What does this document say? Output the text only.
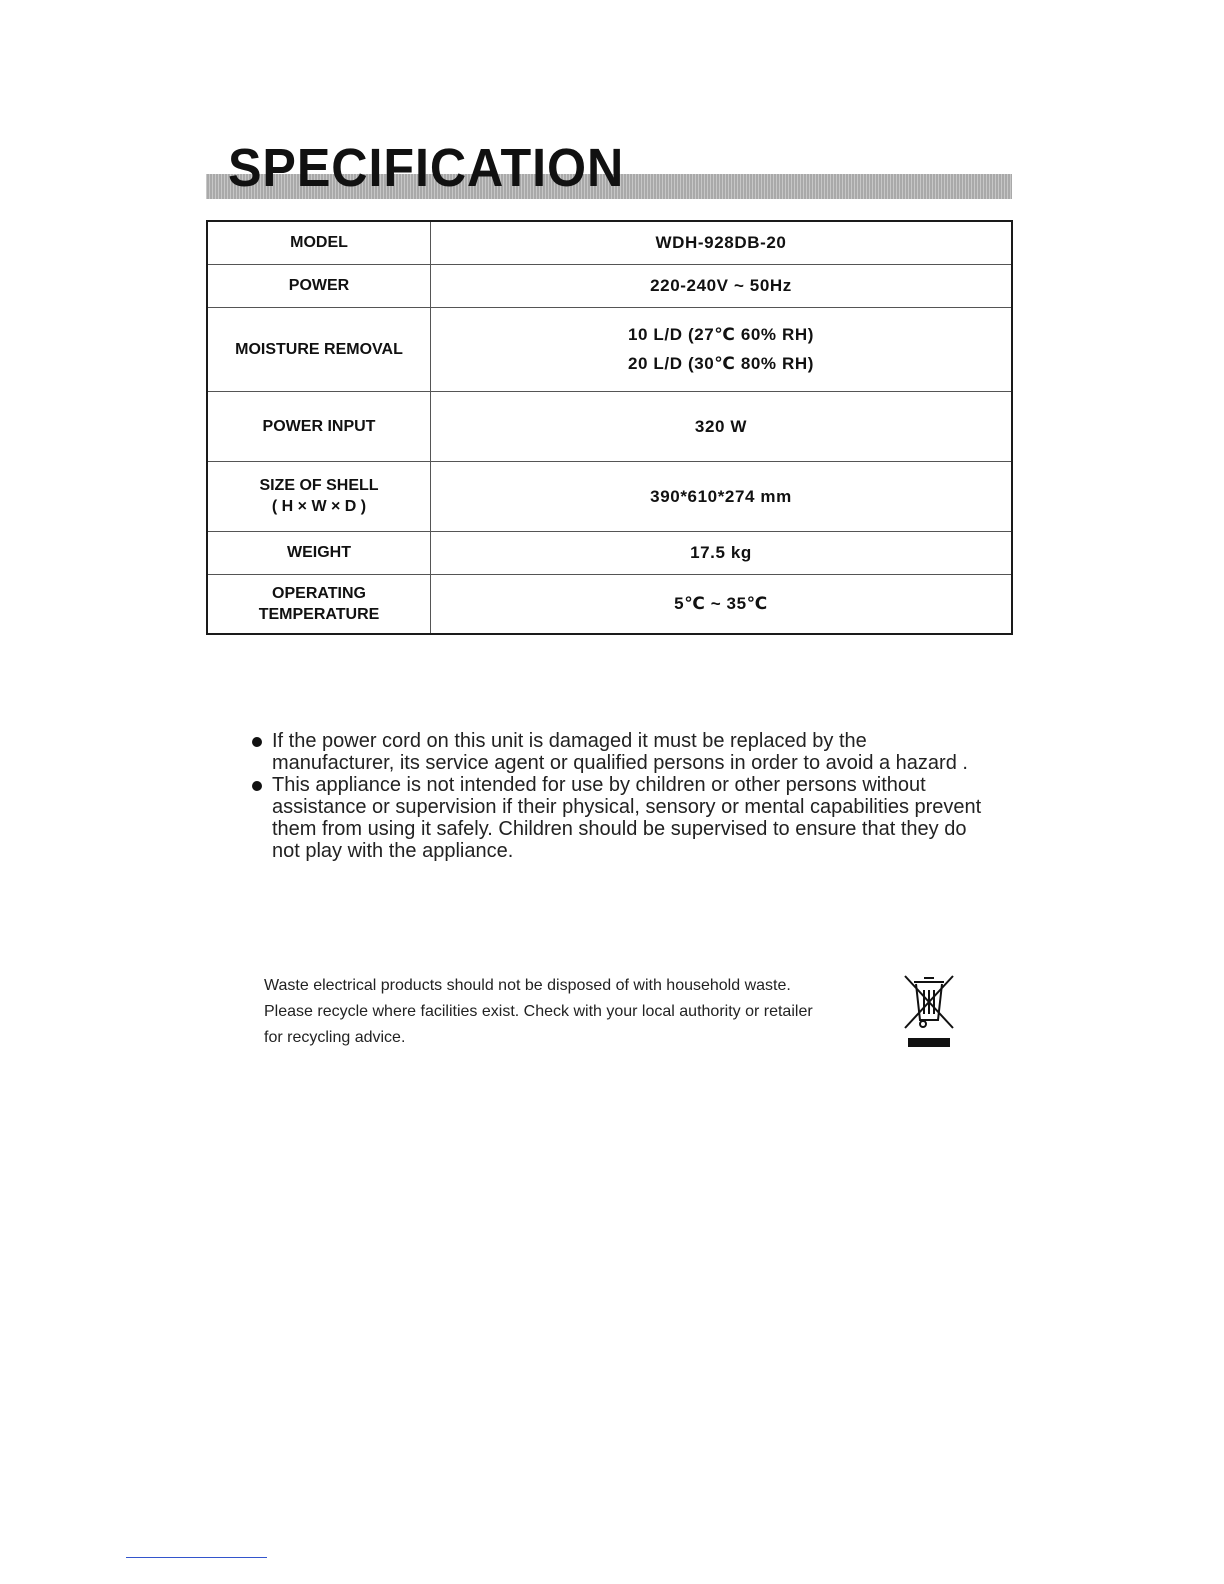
SPECIFICATION
MODEL	WDH-928DB-20

POWER	220-240V ~ 50Hz

MOISTURE REMOVAL	10 L/D (27℃ 60% RH)
20 L/D (30℃ 80% RH)

POWER INPUT	320 W

SIZE OF SHELL
( H × W × D )	390*610*274 mm

WEIGHT	17.5 kg

OPERATING
TEMPERATURE	5℃ ~ 35℃
If the power cord on this unit is damaged it must be replaced by the manufacturer, its service agent or qualified persons in order to avoid a hazard .
This appliance is not intended for use by children or other persons without assistance or supervision if their physical, sensory or mental capabilities prevent them from using it safely. Children should be supervised to ensure that they do not play with the appliance.

Waste electrical products should not be disposed of with household waste.
Please recycle where facilities exist. Check with your local authority or retailer
for recycling advice.
